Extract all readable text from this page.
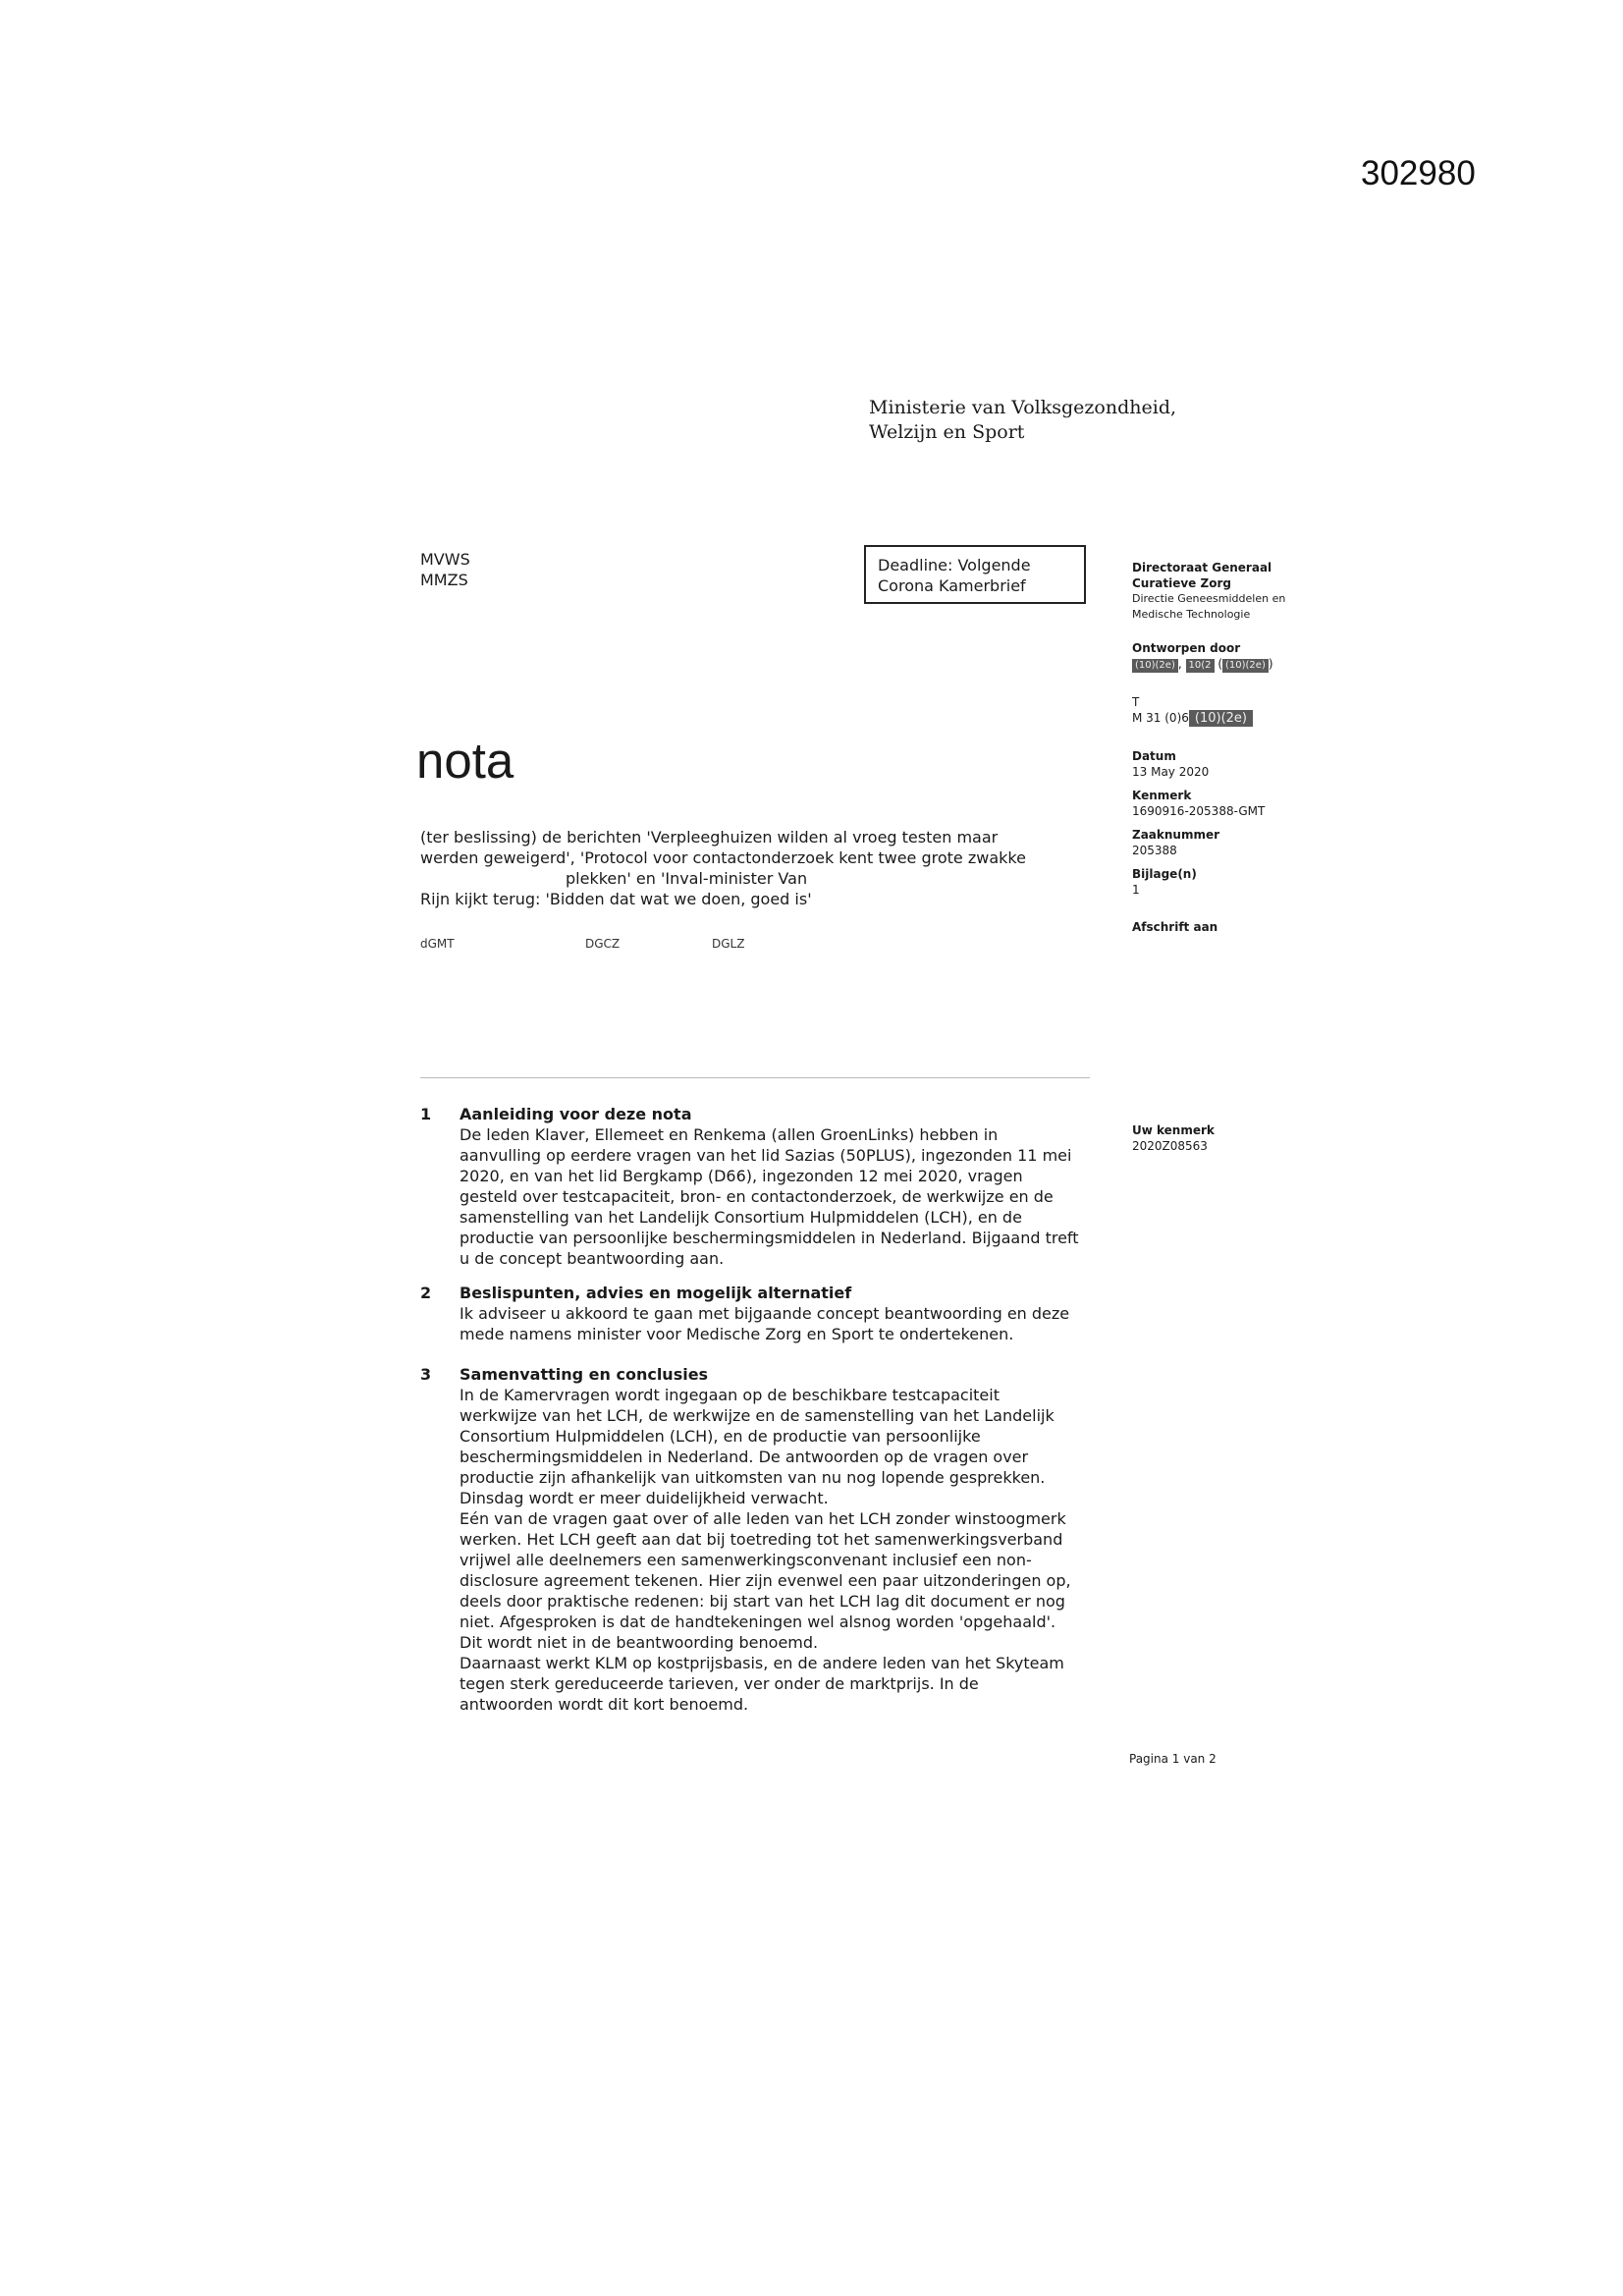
302980
Ministerie van Volksgezondheid,
Welzijn en Sport
MVWS
MMZS
Deadline: Volgende
Corona Kamerbrief
nota
(ter beslissing) de berichten 'Verpleeghuizen wilden al vroeg testen maar
werden geweigerd', 'Protocol voor contactonderzoek kent twee grote zwakke
plekken' en 'Inval-minister Van
Rijn kijkt terug: 'Bidden dat wat we doen, goed is'
dGMT	DGCZ	DGLZ
Directoraat Generaal
Curatieve Zorg
Directie Geneesmiddelen en
Medische Technologie
Ontworpen door
(10)(2e) , 10(2 ( (10)(2e) )
T
M 31 (0)6 (10)(2e)
Datum
13 May 2020
Kenmerk
1690916-205388-GMT
Zaaknummer
205388
Bijlage(n)
1
Afschrift aan
Uw kenmerk
2020Z08563
1 Aanleiding voor deze nota
De leden Klaver, Ellemeet en Renkema (allen GroenLinks) hebben in
aanvulling op eerdere vragen van het lid Sazias (50PLUS), ingezonden 11 mei
2020, en van het lid Bergkamp (D66), ingezonden 12 mei 2020, vragen
gesteld over testcapaciteit, bron- en contactonderzoek, de werkwijze en de
samenstelling van het Landelijk Consortium Hulpmiddelen (LCH), en de
productie van persoonlijke beschermingsmiddelen in Nederland. Bijgaand treft
u de concept beantwoording aan.
2 Beslispunten, advies en mogelijk alternatief
Ik adviseer u akkoord te gaan met bijgaande concept beantwoording en deze
mede namens minister voor Medische Zorg en Sport te ondertekenen.
3 Samenvatting en conclusies
In de Kamervragen wordt ingegaan op de beschikbare testcapaciteit
werkwijze van het LCH, de werkwijze en de samenstelling van het Landelijk
Consortium Hulpmiddelen (LCH), en de productie van persoonlijke
beschermingsmiddelen in Nederland. De antwoorden op de vragen over
productie zijn afhankelijk van uitkomsten van nu nog lopende gesprekken.
Dinsdag wordt er meer duidelijkheid verwacht.
Eén van de vragen gaat over of alle leden van het LCH zonder winstoogmerk
werken. Het LCH geeft aan dat bij toetreding tot het samenwerkingsverband
vrijwel alle deelnemers een samenwerkingsconvenant inclusief een non-
disclosure agreement tekenen. Hier zijn evenwel een paar uitzonderingen op,
deels door praktische redenen: bij start van het LCH lag dit document er nog
niet. Afgesproken is dat de handtekeningen wel alsnog worden 'opgehaald'.
Dit wordt niet in de beantwoording benoemd.
Daarnaast werkt KLM op kostprijsbasis, en de andere leden van het Skyteam
tegen sterk gereduceerde tarieven, ver onder de marktprijs. In de
antwoorden wordt dit kort benoemd.
Pagina 1 van 2
